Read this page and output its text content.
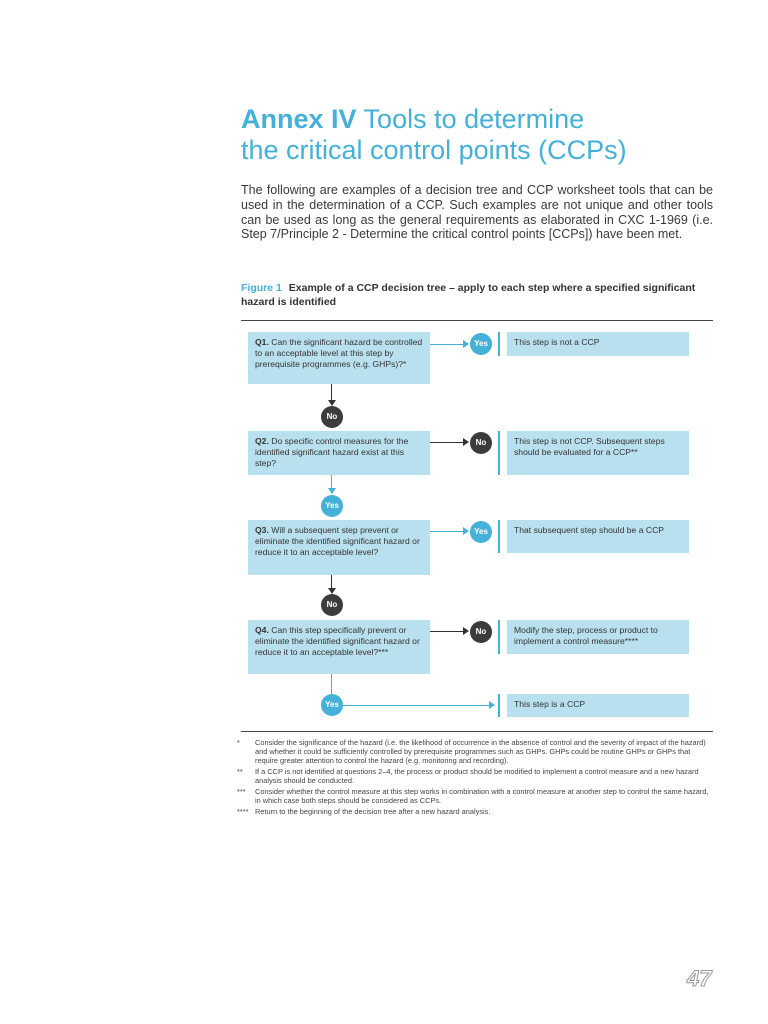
Annex IV Tools to determine
the critical control points (CCPs)
The following are examples of a decision tree and CCP worksheet tools that can be used in the determination of a CCP. Such examples are not unique and other tools can be used as long as the general requirements as elaborated in CXC 1-1969 (i.e. Step 7/Principle 2 - Determine the critical control points [CCPs]) have been met.
Figure 1 Example of a CCP decision tree – apply to each step where a specified significant hazard is identified
Q1. Can the significant hazard be controlled to an acceptable level at this step by prerequisite programmes (e.g. GHPs)?*
Yes	This step is not a CCP
No
Q2. Do specific control measures for the identified significant hazard exist at this step?
No	This step is not CCP. Subsequent steps should be evaluated for a CCP**
Yes
Q3. Will a subsequent step prevent or eliminate the identified significant hazard or reduce it to an acceptable level?
Yes	That subsequent step should be a CCP
No
Q4. Can this step specifically prevent or eliminate the identified significant hazard or reduce it to an acceptable level?***
No	Modify the step, process or product to implement a control measure****
Yes	This step is a CCP
* Consider the significance of the hazard (i.e. the likelihood of occurrence in the absence of control and the severity of impact of the hazard) and whether it could be sufficiently controlled by prerequisite programmes such as GHPs. GHPs could be routine GHPs or GHPs that require greater attention to control the hazard (e.g. monitoring and recording).
** If a CCP is not identified at questions 2–4, the process or product should be modified to implement a control measure and a new hazard analysis should be conducted.
*** Consider whether the control measure at this step works in combination with a control measure at another step to control the same hazard, in which case both steps should be considered as CCPs.
**** Return to the beginning of the decision tree after a new hazard analysis.
47
